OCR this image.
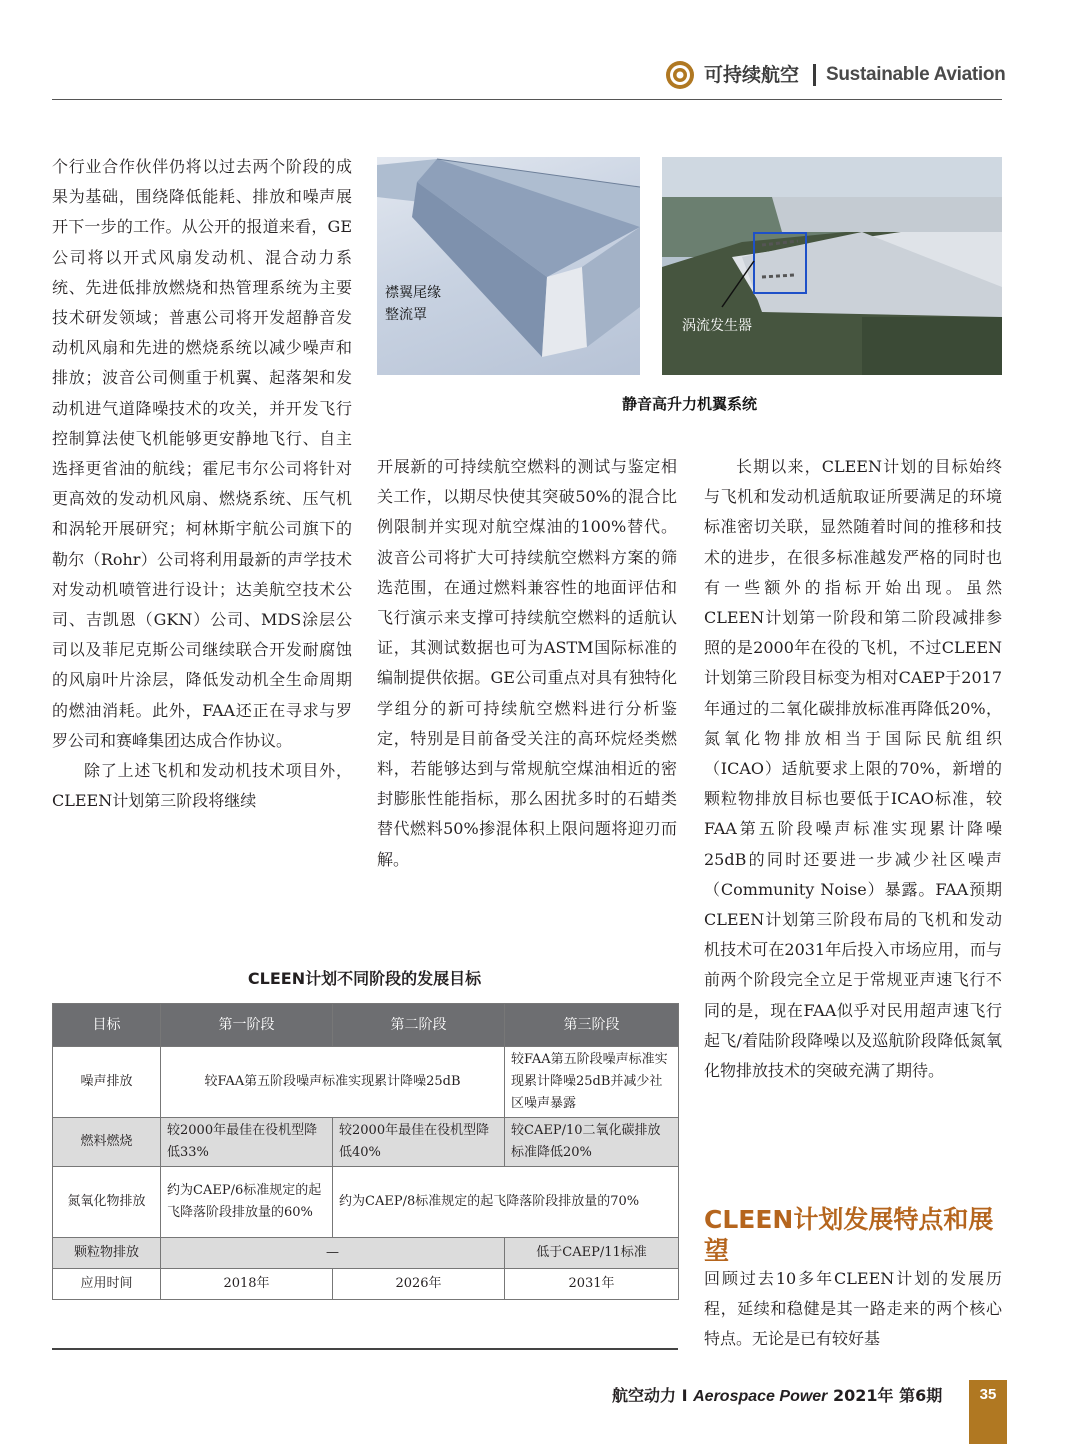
可持续航空 Sustainable Aviation

个行业合作伙伴仍将以过去两个阶段的成果为基础，围绕降低能耗、排放和噪声展开下一步的工作。从公开的报道来看，GE公司将以开式风扇发动机、混合动力系统、先进低排放燃烧和热管理系统为主要技术研发领域；普惠公司将开发超静音发动机风扇和先进的燃烧系统以减少噪声和排放；波音公司侧重于机翼、起落架和发动机进气道降噪技术的攻关，并开发飞行控制算法使飞机能够更安静地飞行、自主选择更省油的航线；霍尼韦尔公司将针对更高效的发动机风扇、燃烧系统、压气机和涡轮开展研究；柯林斯宇航公司旗下的勒尔（Rohr）公司将利用最新的声学技术对发动机喷管进行设计；达美航空技术公司、吉凯恩（GKN）公司、MDS涂层公司以及菲尼克斯公司继续联合开发耐腐蚀的风扇叶片涂层，降低发动机全生命周期的燃油消耗。此外，FAA还正在寻求与罗罗公司和赛峰集团达成合作协议。

除了上述飞机和发动机技术项目外，CLEEN计划第三阶段将继续

襟翼尾缘
整流罩
涡流发生器
静音高升力机翼系统

开展新的可持续航空燃料的测试与鉴定相关工作，以期尽快使其突破50%的混合比例限制并实现对航空煤油的100%替代。波音公司将扩大可持续航空燃料方案的筛选范围，在通过燃料兼容性的地面评估和飞行演示来支撑可持续航空燃料的适航认证，其测试数据也可为ASTM国际标准的编制提供依据。GE公司重点对具有独特化学组分的新可持续航空燃料进行分析鉴定，特别是目前备受关注的高环烷烃类燃料，若能够达到与常规航空煤油相近的密封膨胀性能指标，那么困扰多时的石蜡类替代燃料50%掺混体积上限问题将迎刃而解。

长期以来，CLEEN计划的目标始终与飞机和发动机适航取证所要满足的环境标准密切关联，显然随着时间的推移和技术的进步，在很多标准越发严格的同时也有一些额外的指标开始出现。虽然CLEEN计划第一阶段和第二阶段减排参照的是2000年在役的飞机，不过CLEEN计划第三阶段目标变为相对CAEP于2017年通过的二氧化碳排放标准再降低20%，氮氧化物排放相当于国际民航组织（ICAO）适航要求上限的70%，新增的颗粒物排放目标也要低于ICAO标准，较FAA第五阶段噪声标准实现累计降噪25dB的同时还要进一步减少社区噪声（Community Noise）暴露。FAA预期CLEEN计划第三阶段布局的飞机和发动机技术可在2031年后投入市场应用，而与前两个阶段完全立足于常规亚声速飞行不同的是，现在FAA似乎对民用超声速飞行起飞/着陆阶段降噪以及巡航阶段降低氮氧化物排放技术的突破充满了期待。

CLEEN计划发展特点和展望

回顾过去10多年CLEEN计划的发展历程，延续和稳健是其一路走来的两个核心特点。无论是已有较好基

CLEEN计划不同阶段的发展目标
目标	第一阶段	第二阶段	第三阶段
噪声排放	较FAA第五阶段噪声标准实现累计降噪25dB		较FAA第五阶段噪声标准实现累计降噪25dB并减少社区噪声暴露
燃料燃烧	较2000年最佳在役机型降低33%	较2000年最佳在役机型降低40%	较CAEP/10二氧化碳排放标准降低20%
氮氧化物排放	约为CAEP/6标准规定的起飞降落阶段排放量的60%	约为CAEP/8标准规定的起飞降落阶段排放量的70%	
颗粒物排放	—		低于CAEP/11标准
应用时间	2018年	2026年	2031年
航空动力 I Aerospace Power 2021年 第6期	35
